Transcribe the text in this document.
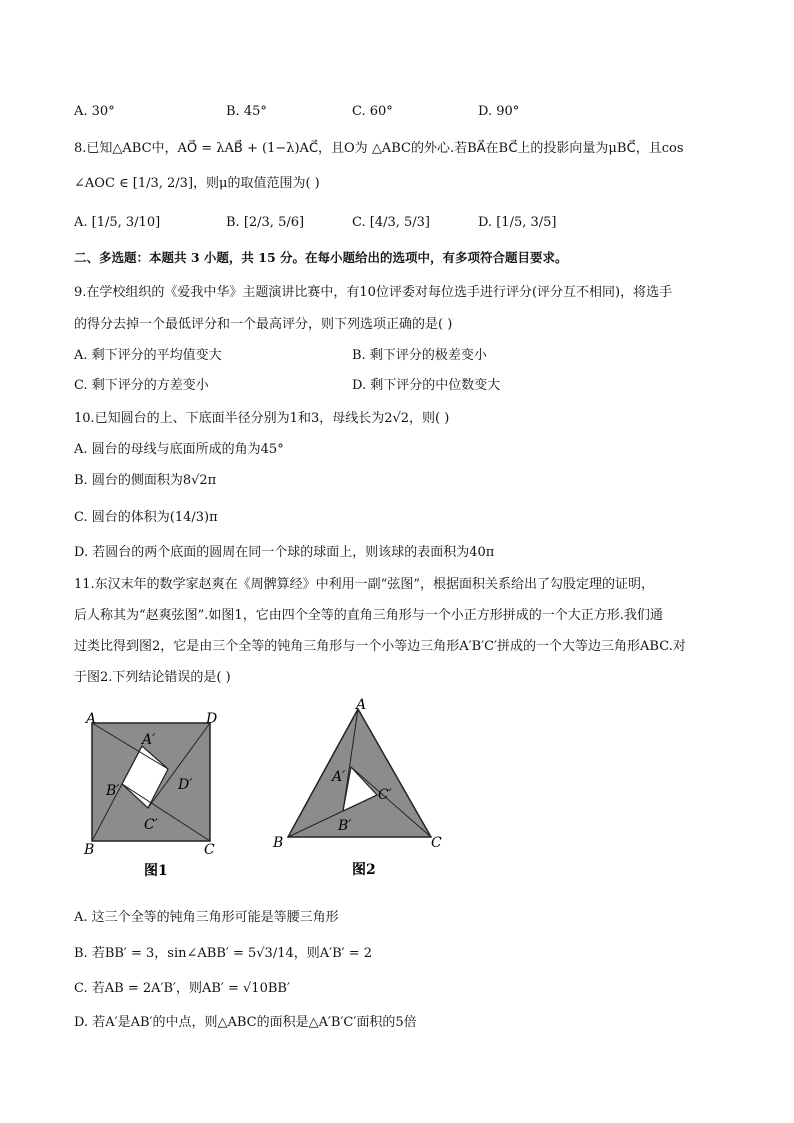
A. 30°	B. 45°	C. 60°	D. 90°
8.已知△ABC中，AO⃗ = λAB⃗ + (1−λ)AC⃗，且O为 △ABC的外心.若BA⃗在BC⃗上的投影向量为μBC⃗，且cos
∠AOC ∈ [1/3, 2/3]，则μ的取值范围为( )
A. [1/5, 3/10]	B. [2/3, 5/6]	C. [4/3, 5/3]	D. [1/5, 3/5]
二、多选题：本题共 3 小题，共 15 分。在每小题给出的选项中，有多项符合题目要求。
9.在学校组织的《爱我中华》主题演讲比赛中，有10位评委对每位选手进行评分(评分互不相同)，将选手
的得分去掉一个最低评分和一个最高评分，则下列选项正确的是( )
A. 剩下评分的平均值变大	B. 剩下评分的极差变小
C. 剩下评分的方差变小	D. 剩下评分的中位数变大
10.已知圆台的上、下底面半径分别为1和3，母线长为2√2，则( )
A. 圆台的母线与底面所成的角为45°
B. 圆台的侧面积为8√2π
C. 圆台的体积为(14/3)π
D. 若圆台的两个底面的圆周在同一个球的球面上，则该球的表面积为40π
11.东汉末年的数学家赵爽在《周髀算经》中利用一副“弦图”，根据面积关系给出了勾股定理的证明，
后人称其为“赵爽弦图”.如图1，它由四个全等的直角三角形与一个小正方形拼成的一个大正方形.我们通
过类比得到图2，它是由三个全等的钝角三角形与一个小等边三角形A′B′C′拼成的一个大等边三角形ABC.对
于图2.下列结论错误的是( )
A	D
B	C
A′
B′
C′
D′
图1
A
B	C
A′
B′
C′
图2
A. 这三个全等的钝角三角形可能是等腰三角形
B. 若BB′ = 3，sin∠ABB′ = 5√3/14，则A′B′ = 2
C. 若AB = 2A′B′，则AB′ = √10BB′
D. 若A′是AB′的中点，则△ABC的面积是△A′B′C′面积的5倍
